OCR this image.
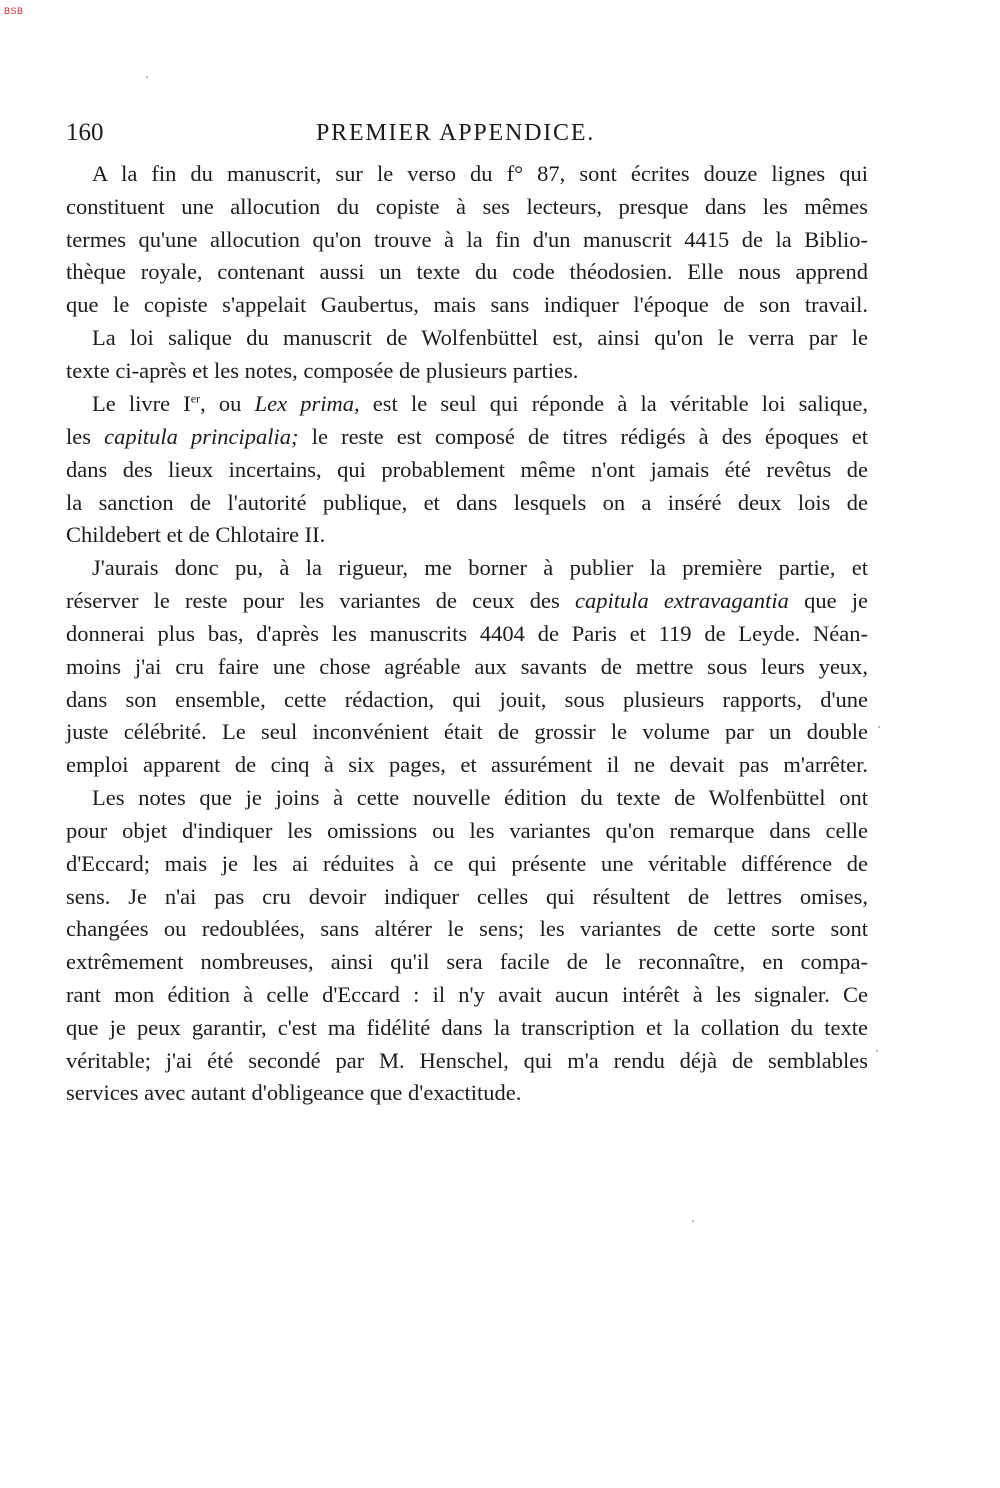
BSB
160	PREMIER APPENDICE.
A la fin du manuscrit, sur le verso du f° 87, sont écrites douze lignes qui
constituent une allocution du copiste à ses lecteurs, presque dans les mêmes
termes qu'une allocution qu'on trouve à la fin d'un manuscrit 4415 de la Biblio-
thèque royale, contenant aussi un texte du code théodosien. Elle nous apprend
que le copiste s'appelait Gaubertus, mais sans indiquer l'époque de son travail.
La loi salique du manuscrit de Wolfenbüttel est, ainsi qu'on le verra par le
texte ci-après et les notes, composée de plusieurs parties.
Le livre Ier, ou Lex prima, est le seul qui réponde à la véritable loi salique,
les capitula principalia; le reste est composé de titres rédigés à des époques et
dans des lieux incertains, qui probablement même n'ont jamais été revêtus de
la sanction de l'autorité publique, et dans lesquels on a inséré deux lois de
Childebert et de Chlotaire II.
J'aurais donc pu, à la rigueur, me borner à publier la première partie, et
réserver le reste pour les variantes de ceux des capitula extravagantia que je
donnerai plus bas, d'après les manuscrits 4404 de Paris et 119 de Leyde. Néan-
moins j'ai cru faire une chose agréable aux savants de mettre sous leurs yeux,
dans son ensemble, cette rédaction, qui jouit, sous plusieurs rapports, d'une
juste célébrité. Le seul inconvénient était de grossir le volume par un double
emploi apparent de cinq à six pages, et assurément il ne devait pas m'arrêter.
Les notes que je joins à cette nouvelle édition du texte de Wolfenbüttel ont
pour objet d'indiquer les omissions ou les variantes qu'on remarque dans celle
d'Eccard; mais je les ai réduites à ce qui présente une véritable différence de
sens. Je n'ai pas cru devoir indiquer celles qui résultent de lettres omises,
changées ou redoublées, sans altérer le sens; les variantes de cette sorte sont
extrêmement nombreuses, ainsi qu'il sera facile de le reconnaître, en compa-
rant mon édition à celle d'Eccard : il n'y avait aucun intérêt à les signaler. Ce
que je peux garantir, c'est ma fidélité dans la transcription et la collation du texte
véritable; j'ai été secondé par M. Henschel, qui m'a rendu déjà de semblables
services avec autant d'obligeance que d'exactitude.
